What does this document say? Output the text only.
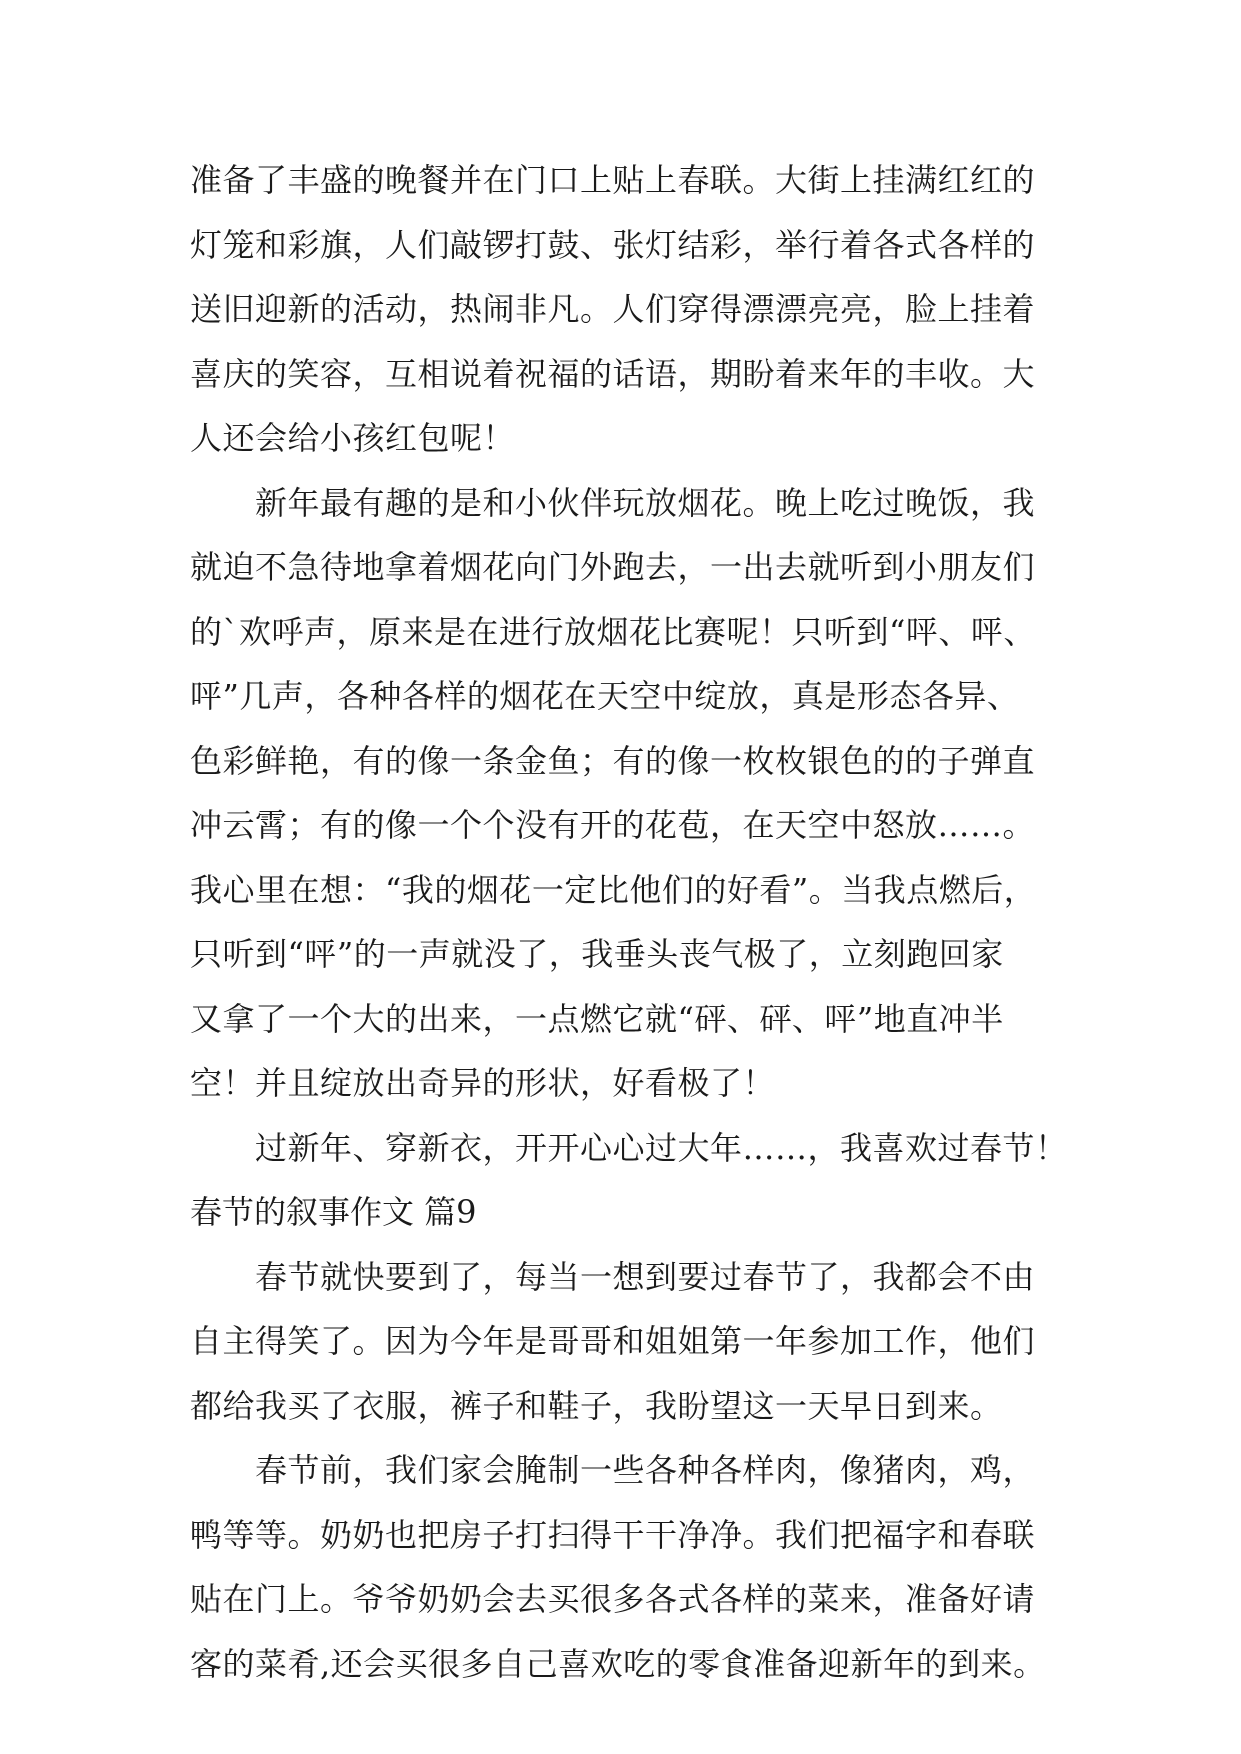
准备了丰盛的晚餐并在门口上贴上春联。大街上挂满红红的
灯笼和彩旗，人们敲锣打鼓、张灯结彩，举行着各式各样的
送旧迎新的活动，热闹非凡。人们穿得漂漂亮亮，脸上挂着
喜庆的笑容，互相说着祝福的话语，期盼着来年的丰收。大
人还会给小孩红包呢！
新年最有趣的是和小伙伴玩放烟花。晚上吃过晚饭，我
就迫不急待地拿着烟花向门外跑去，一出去就听到小朋友们
的`欢呼声，原来是在进行放烟花比赛呢！只听到“呯、呯、
呯”几声，各种各样的烟花在天空中绽放，真是形态各异、
色彩鲜艳，有的像一条金鱼；有的像一枚枚银色的的子弹直
冲云霄；有的像一个个没有开的花苞，在天空中怒放……。
我心里在想：“我的烟花一定比他们的好看”。当我点燃后，
只听到“呯”的一声就没了，我垂头丧气极了，立刻跑回家
又拿了一个大的出来，一点燃它就“砰、砰、呯”地直冲半
空！并且绽放出奇异的形状，好看极了！
过新年、穿新衣，开开心心过大年……，我喜欢过春节！
春节的叙事作文 篇9
春节就快要到了，每当一想到要过春节了，我都会不由
自主得笑了。因为今年是哥哥和姐姐第一年参加工作，他们
都给我买了衣服，裤子和鞋子，我盼望这一天早日到来。
春节前，我们家会腌制一些各种各样肉，像猪肉，鸡，
鸭等等。奶奶也把房子打扫得干干净净。我们把福字和春联
贴在门上。爷爷奶奶会去买很多各式各样的菜来，准备好请
客的菜肴,还会买很多自己喜欢吃的零食准备迎新年的到来。
